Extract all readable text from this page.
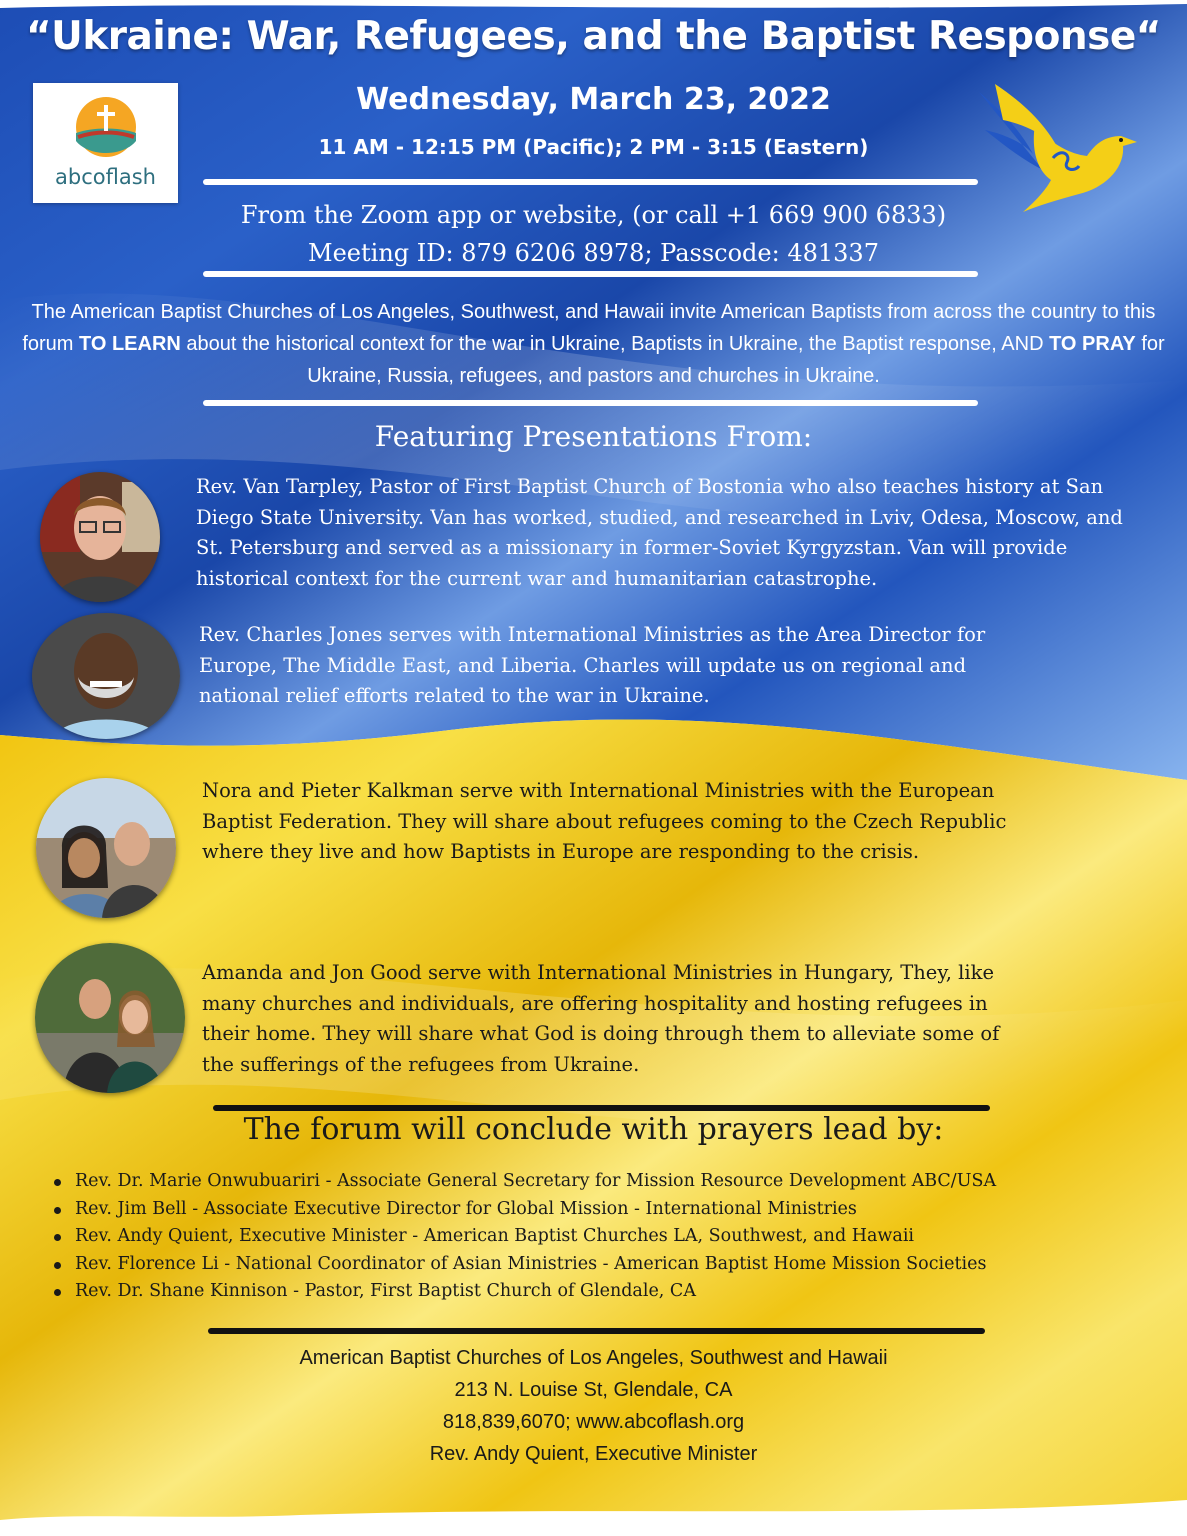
“Ukraine: War, Refugees, and the Baptist Response“
Wednesday, March 23, 2022
11 AM - 12:15 PM (Pacific); 2 PM - 3:15 (Eastern)
abcoflash
From the Zoom app or website, (or call +1 669 900 6833)
Meeting ID: 879 6206 8978; Passcode: 481337
The American Baptist Churches of Los Angeles, Southwest, and Hawaii invite American Baptists from across the country to this forum TO LEARN about the historical context for the war in Ukraine, Baptists in Ukraine, the Baptist response, AND TO PRAY for Ukraine, Russia, refugees, and pastors and churches in Ukraine.
Featuring Presentations From:
Rev. Van Tarpley, Pastor of First Baptist Church of Bostonia who also teaches history at San Diego State University. Van has worked, studied, and researched in Lviv, Odesa, Moscow, and St. Petersburg and served as a missionary in former-Soviet Kyrgyzstan. Van will provide historical context for the current war and humanitarian catastrophe.
Rev. Charles Jones serves with International Ministries as the Area Director for Europe, The Middle East, and Liberia. Charles will update us on regional and national relief efforts related to the war in Ukraine.
Nora and Pieter Kalkman serve with International Ministries with the European Baptist Federation. They will share about refugees coming to the Czech Republic where they live and how Baptists in Europe are responding to the crisis.
Amanda and Jon Good serve with International Ministries in Hungary, They, like many churches and individuals, are offering hospitality and hosting refugees in their home. They will share what God is doing through them to alleviate some of the sufferings of the refugees from Ukraine.
The forum will conclude with prayers lead by:
Rev. Dr. Marie Onwubuariri - Associate General Secretary for Mission Resource Development ABC/USA
Rev. Jim Bell - Associate Executive Director for Global Mission - International Ministries
Rev. Andy Quient, Executive Minister - American Baptist Churches LA, Southwest, and Hawaii
Rev. Florence Li - National Coordinator of Asian Ministries - American Baptist Home Mission Societies
Rev. Dr. Shane Kinnison - Pastor, First Baptist Church of Glendale, CA
American Baptist Churches of Los Angeles, Southwest and Hawaii
213 N. Louise St, Glendale, CA
818,839,6070; www.abcoflash.org
Rev. Andy Quient, Executive Minister
